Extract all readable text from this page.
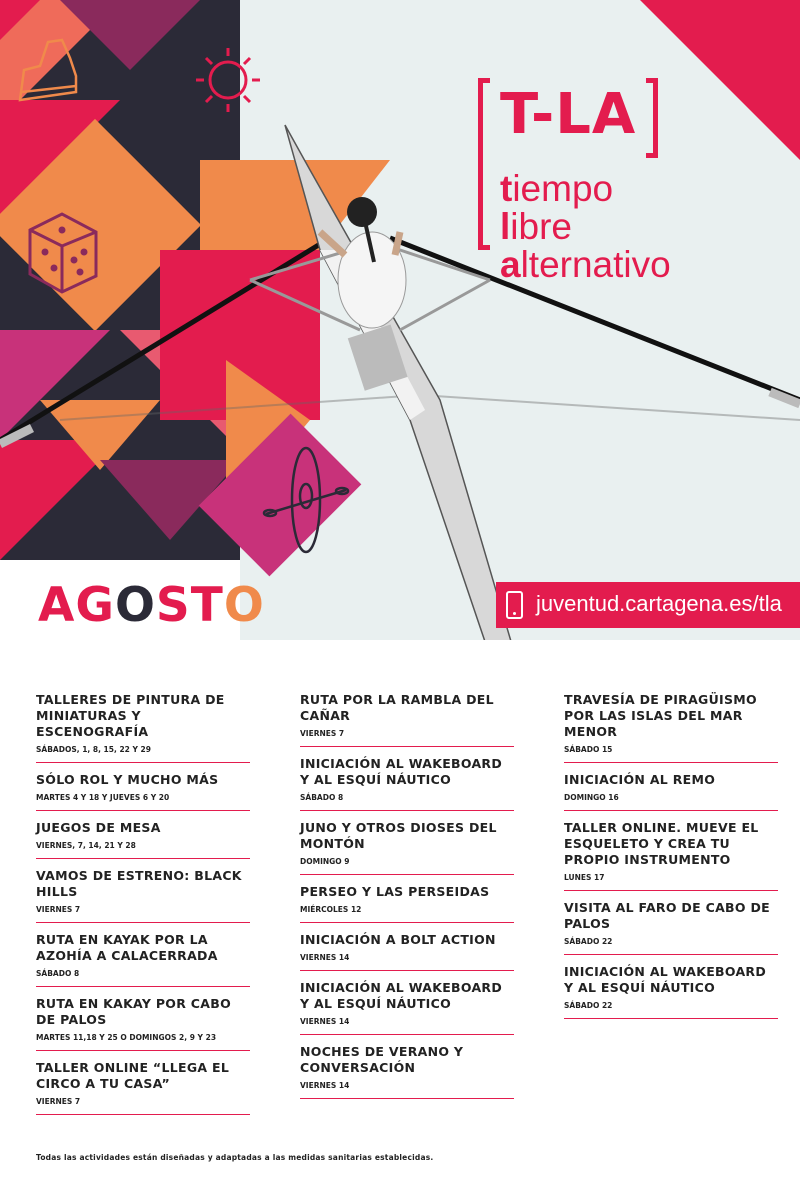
T-LA
tiempo
libre
alternativo
AGOSTO	juventud.cartagena.es/tla
TALLERES DE PINTURA DE MINIATURAS Y ESCENOGRAFÍA
SÁBADOS, 1, 8, 15, 22 Y 29
SÓLO ROL Y MUCHO MÁS
MARTES 4 Y 18 Y JUEVES 6 Y 20
JUEGOS DE MESA
VIERNES, 7, 14, 21 Y 28
VAMOS DE ESTRENO: BLACK HILLS
VIERNES 7
RUTA EN KAYAK POR LA AZOHÍA A CALACERRADA
SÁBADO 8
RUTA EN KAKAY POR CABO DE PALOS
MARTES 11,18 Y 25 O DOMINGOS 2, 9 Y 23
TALLER ONLINE “LLEGA EL CIRCO A TU CASA”
VIERNES 7
RUTA POR LA RAMBLA DEL CAÑAR
VIERNES 7
INICIACIÓN AL WAKEBOARD Y AL ESQUÍ NÁUTICO
SÁBADO 8
JUNO Y OTROS DIOSES DEL MONTÓN
DOMINGO 9
PERSEO Y LAS PERSEIDAS
MIÉRCOLES 12
INICIACIÓN A BOLT ACTION
VIERNES 14
INICIACIÓN AL WAKEBOARD Y AL ESQUÍ NÁUTICO
VIERNES 14
NOCHES DE VERANO Y CONVERSACIÓN
VIERNES 14
TRAVESÍA DE PIRAGÜISMO POR LAS ISLAS DEL MAR MENOR
SÁBADO 15
INICIACIÓN AL REMO
DOMINGO 16
TALLER ONLINE. MUEVE EL ESQUELETO Y CREA TU PROPIO INSTRUMENTO
LUNES 17
VISITA AL FARO DE CABO DE PALOS
SÁBADO 22
INICIACIÓN AL WAKEBOARD Y AL ESQUÍ NÁUTICO
SÁBADO 22
Todas las actividades están diseñadas y adaptadas a las medidas sanitarias establecidas.
